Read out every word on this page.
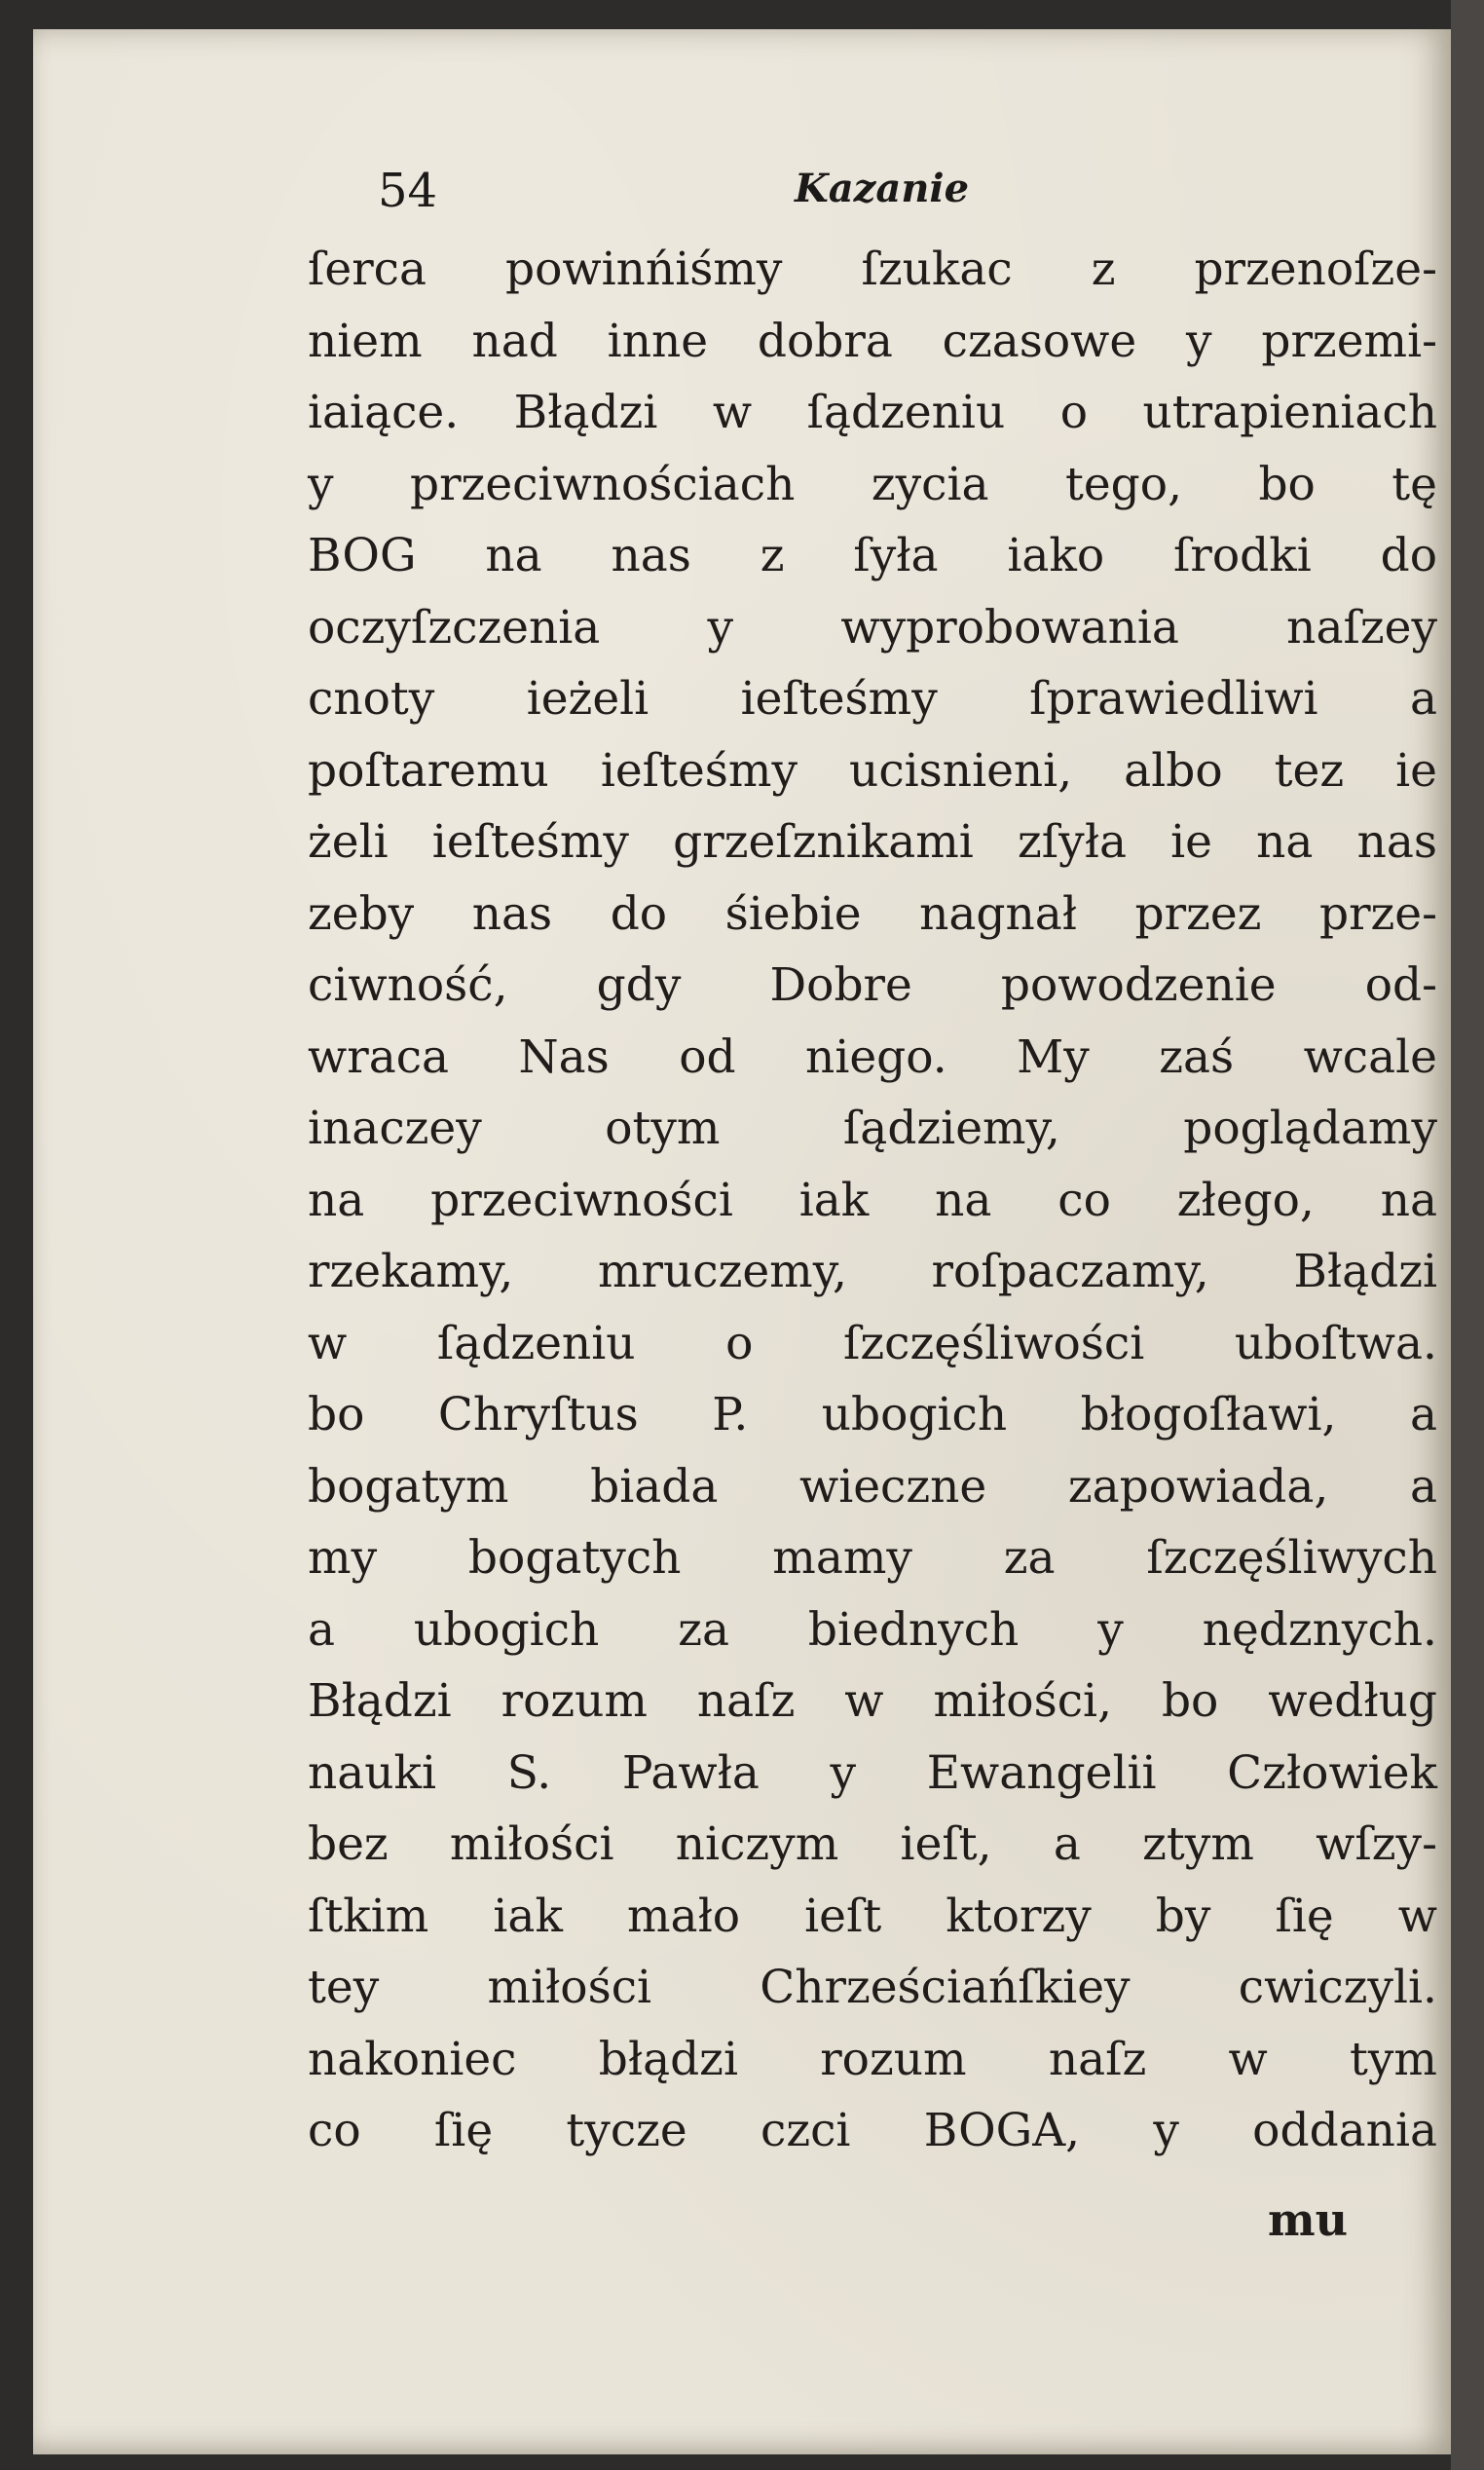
54	Kazanie
ſerca powinńiśmy ſzukac z przenoſze-
niem nad inne dobra czasowe y przemi-
iaiące. Błądzi w ſądzeniu o utrapieniach
y przeciwnościach zycia tego, bo tę
BOG na nas z ſyła iako ſrodki do
oczyſzczenia y wyprobowania naſzey
cnoty ieżeli ieſteśmy ſprawiedliwi a
poſtaremu ieſteśmy ucisnieni, albo tez ie
żeli ieſteśmy grzeſznikami zſyła ie na nas
zeby nas do śiebie nagnał przez prze-
ciwność, gdy Dobre powodzenie od-
wraca Nas od niego. My zaś wcale
inaczey otym ſądziemy, poglądamy
na przeciwności iak na co złego, na
rzekamy, mruczemy, roſpaczamy, Błądzi
w ſądzeniu o ſzczęśliwości uboſtwa.
bo Chryſtus P. ubogich błogoſławi, a
bogatym biada wieczne zapowiada, a
my bogatych mamy za ſzczęśliwych
a ubogich za biednych y nędznych.
Błądzi rozum naſz w miłości, bo według
nauki S. Pawła y Ewangelii Człowiek
bez miłości niczym ieſt, a ztym wſzy-
ſtkim iak mało ieſt ktorzy by ſię w
tey miłości Chrześciańſkiey cwiczyli.
nakoniec błądzi rozum naſz w tym
co ſię tycze czci BOGA, y oddania
mu
